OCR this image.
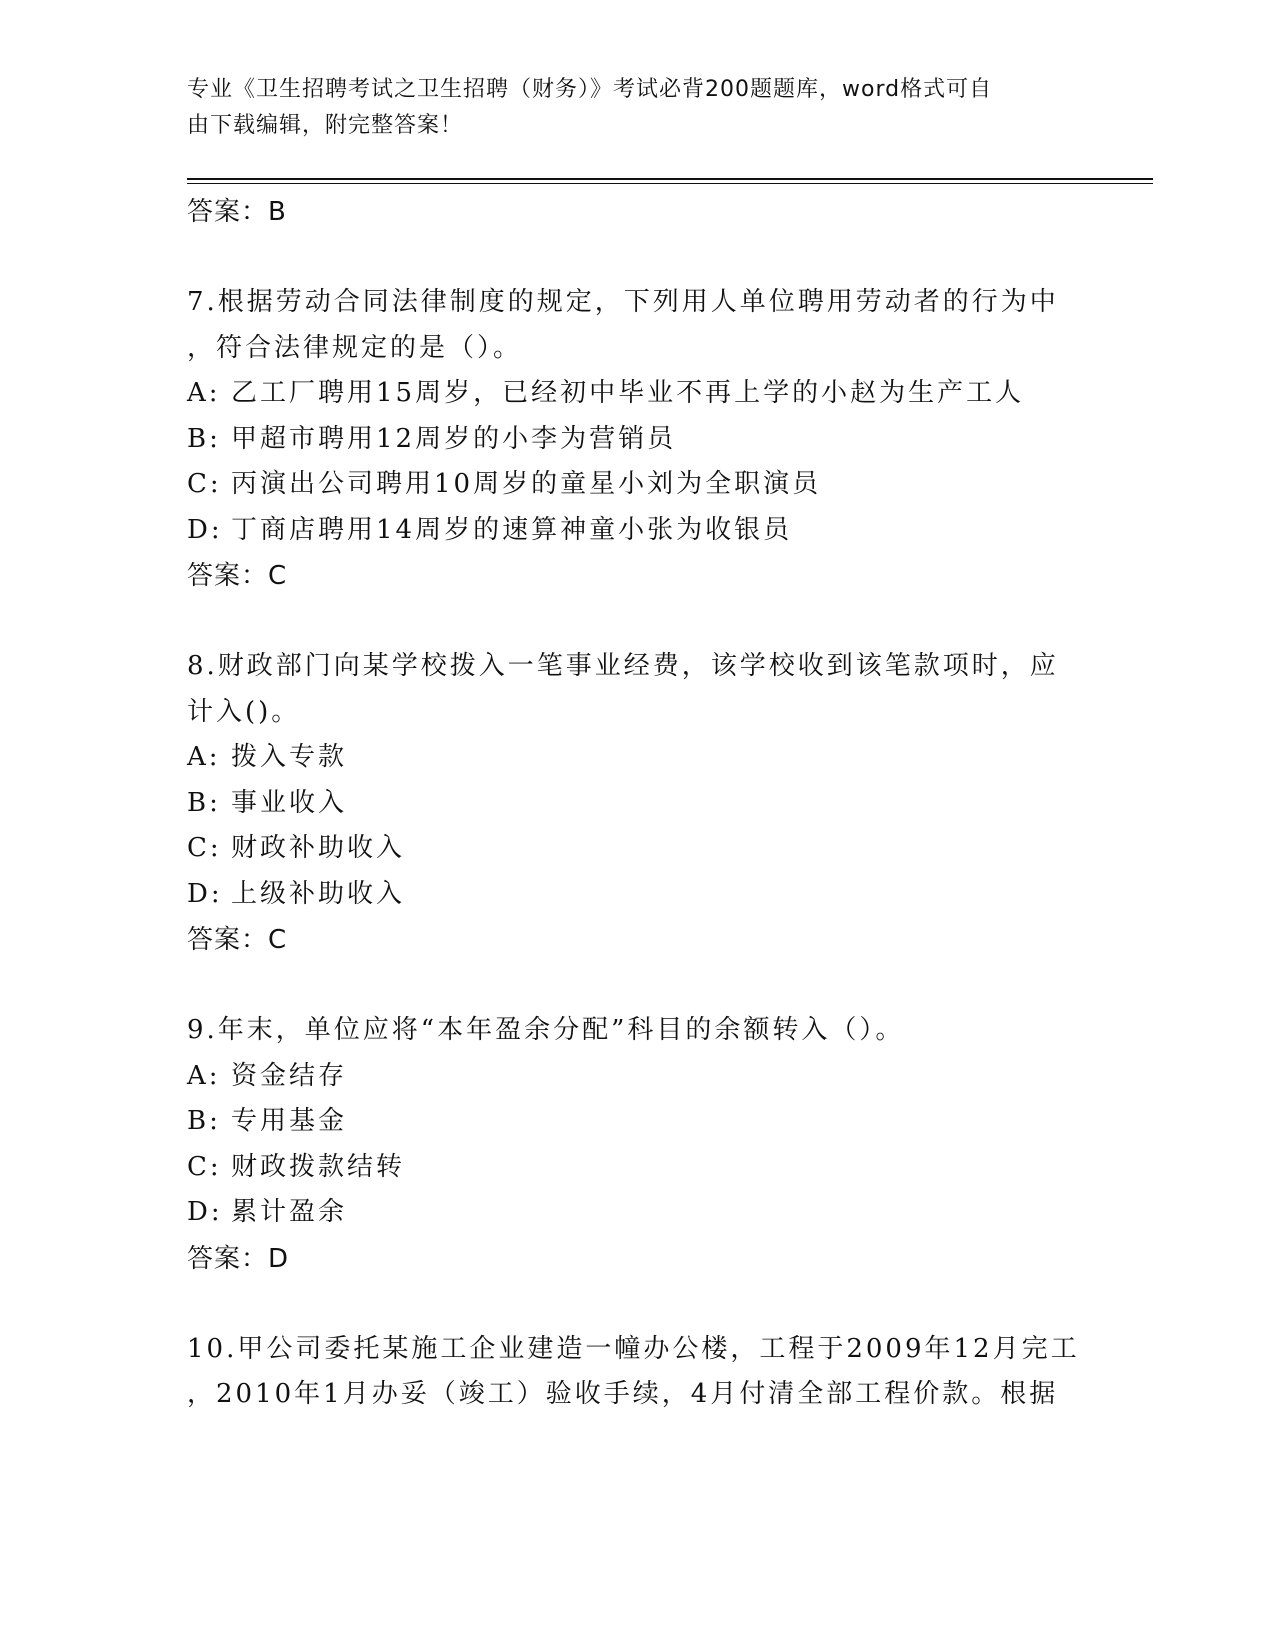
专业《卫生招聘考试之卫生招聘（财务）》考试必背200题题库，word格式可自
由下载编辑，附完整答案！
答案：B
7.根据劳动合同法律制度的规定，下列用人单位聘用劳动者的行为中
，符合法律规定的是（）。
A: 乙工厂聘用15周岁，已经初中毕业不再上学的小赵为生产工人
B: 甲超市聘用12周岁的小李为营销员
C: 丙演出公司聘用10周岁的童星小刘为全职演员
D: 丁商店聘用14周岁的速算神童小张为收银员
答案：C
8.财政部门向某学校拨入一笔事业经费，该学校收到该笔款项时，应
计入()。
A: 拨入专款
B: 事业收入
C: 财政补助收入
D: 上级补助收入
答案：C
9.年末，单位应将“本年盈余分配”科目的余额转入（）。
A: 资金结存
B: 专用基金
C: 财政拨款结转
D: 累计盈余
答案：D
10.甲公司委托某施工企业建造一幢办公楼，工程于2009年12月完工
，2010年1月办妥（竣工）验收手续，4月付清全部工程价款。根据
